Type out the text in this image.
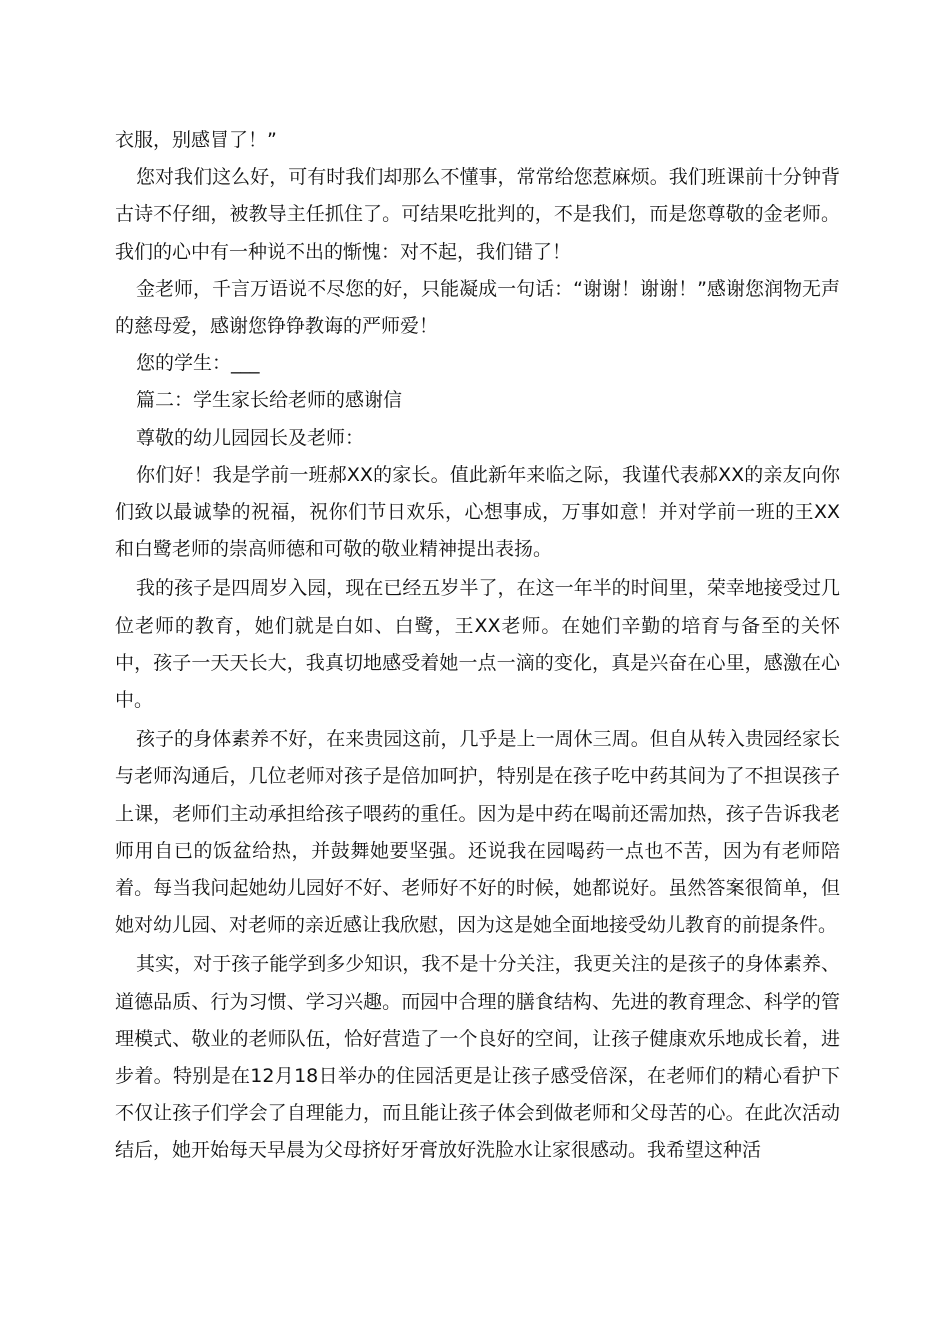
衣服，别感冒了！”

您对我们这么好，可有时我们却那么不懂事，常常给您惹麻烦。我们班课前十分钟背古诗不仔细，被教导主任抓住了。可结果吃批判的，不是我们，而是您尊敬的金老师。我们的心中有一种说不出的惭愧：对不起，我们错了！

金老师，千言万语说不尽您的好，只能凝成一句话：“谢谢！谢谢！”感谢您润物无声的慈母爱，感谢您铮铮教诲的严师爱！

您的学生：___

篇二：学生家长给老师的感谢信

尊敬的幼儿园园长及老师：

你们好！我是学前一班郝XX的家长。值此新年来临之际，我谨代表郝XX的亲友向你们致以最诚挚的祝福，祝你们节日欢乐，心想事成，万事如意！并对学前一班的王XX和白鹭老师的崇高师德和可敬的敬业精神提出表扬。

我的孩子是四周岁入园，现在已经五岁半了，在这一年半的时间里，荣幸地接受过几位老师的教育，她们就是白如、白鹭，王XX老师。在她们辛勤的培育与备至的关怀中，孩子一天天长大，我真切地感受着她一点一滴的变化，真是兴奋在心里，感激在心中。

孩子的身体素养不好，在来贵园这前，几乎是上一周休三周。但自从转入贵园经家长与老师沟通后，几位老师对孩子是倍加呵护，特别是在孩子吃中药其间为了不担误孩子上课，老师们主动承担给孩子喂药的重任。因为是中药在喝前还需加热，孩子告诉我老师用自已的饭盆给热，并鼓舞她要坚强。还说我在园喝药一点也不苦，因为有老师陪着。每当我问起她幼儿园好不好、老师好不好的时候，她都说好。虽然答案很简单，但她对幼儿园、对老师的亲近感让我欣慰，因为这是她全面地接受幼儿教育的前提条件。

其实，对于孩子能学到多少知识，我不是十分关注，我更关注的是孩子的身体素养、道德品质、行为习惯、学习兴趣。而园中合理的膳食结构、先进的教育理念、科学的管理模式、敬业的老师队伍，恰好营造了一个良好的空间，让孩子健康欢乐地成长着，进步着。特别是在12月18日举办的住园活更是让孩子感受倍深，在老师们的精心看护下不仅让孩子们学会了自理能力，而且能让孩子体会到做老师和父母苦的心。在此次活动结后，她开始每天早晨为父母挤好牙膏放好洗脸水让家很感动。我希望这种活
